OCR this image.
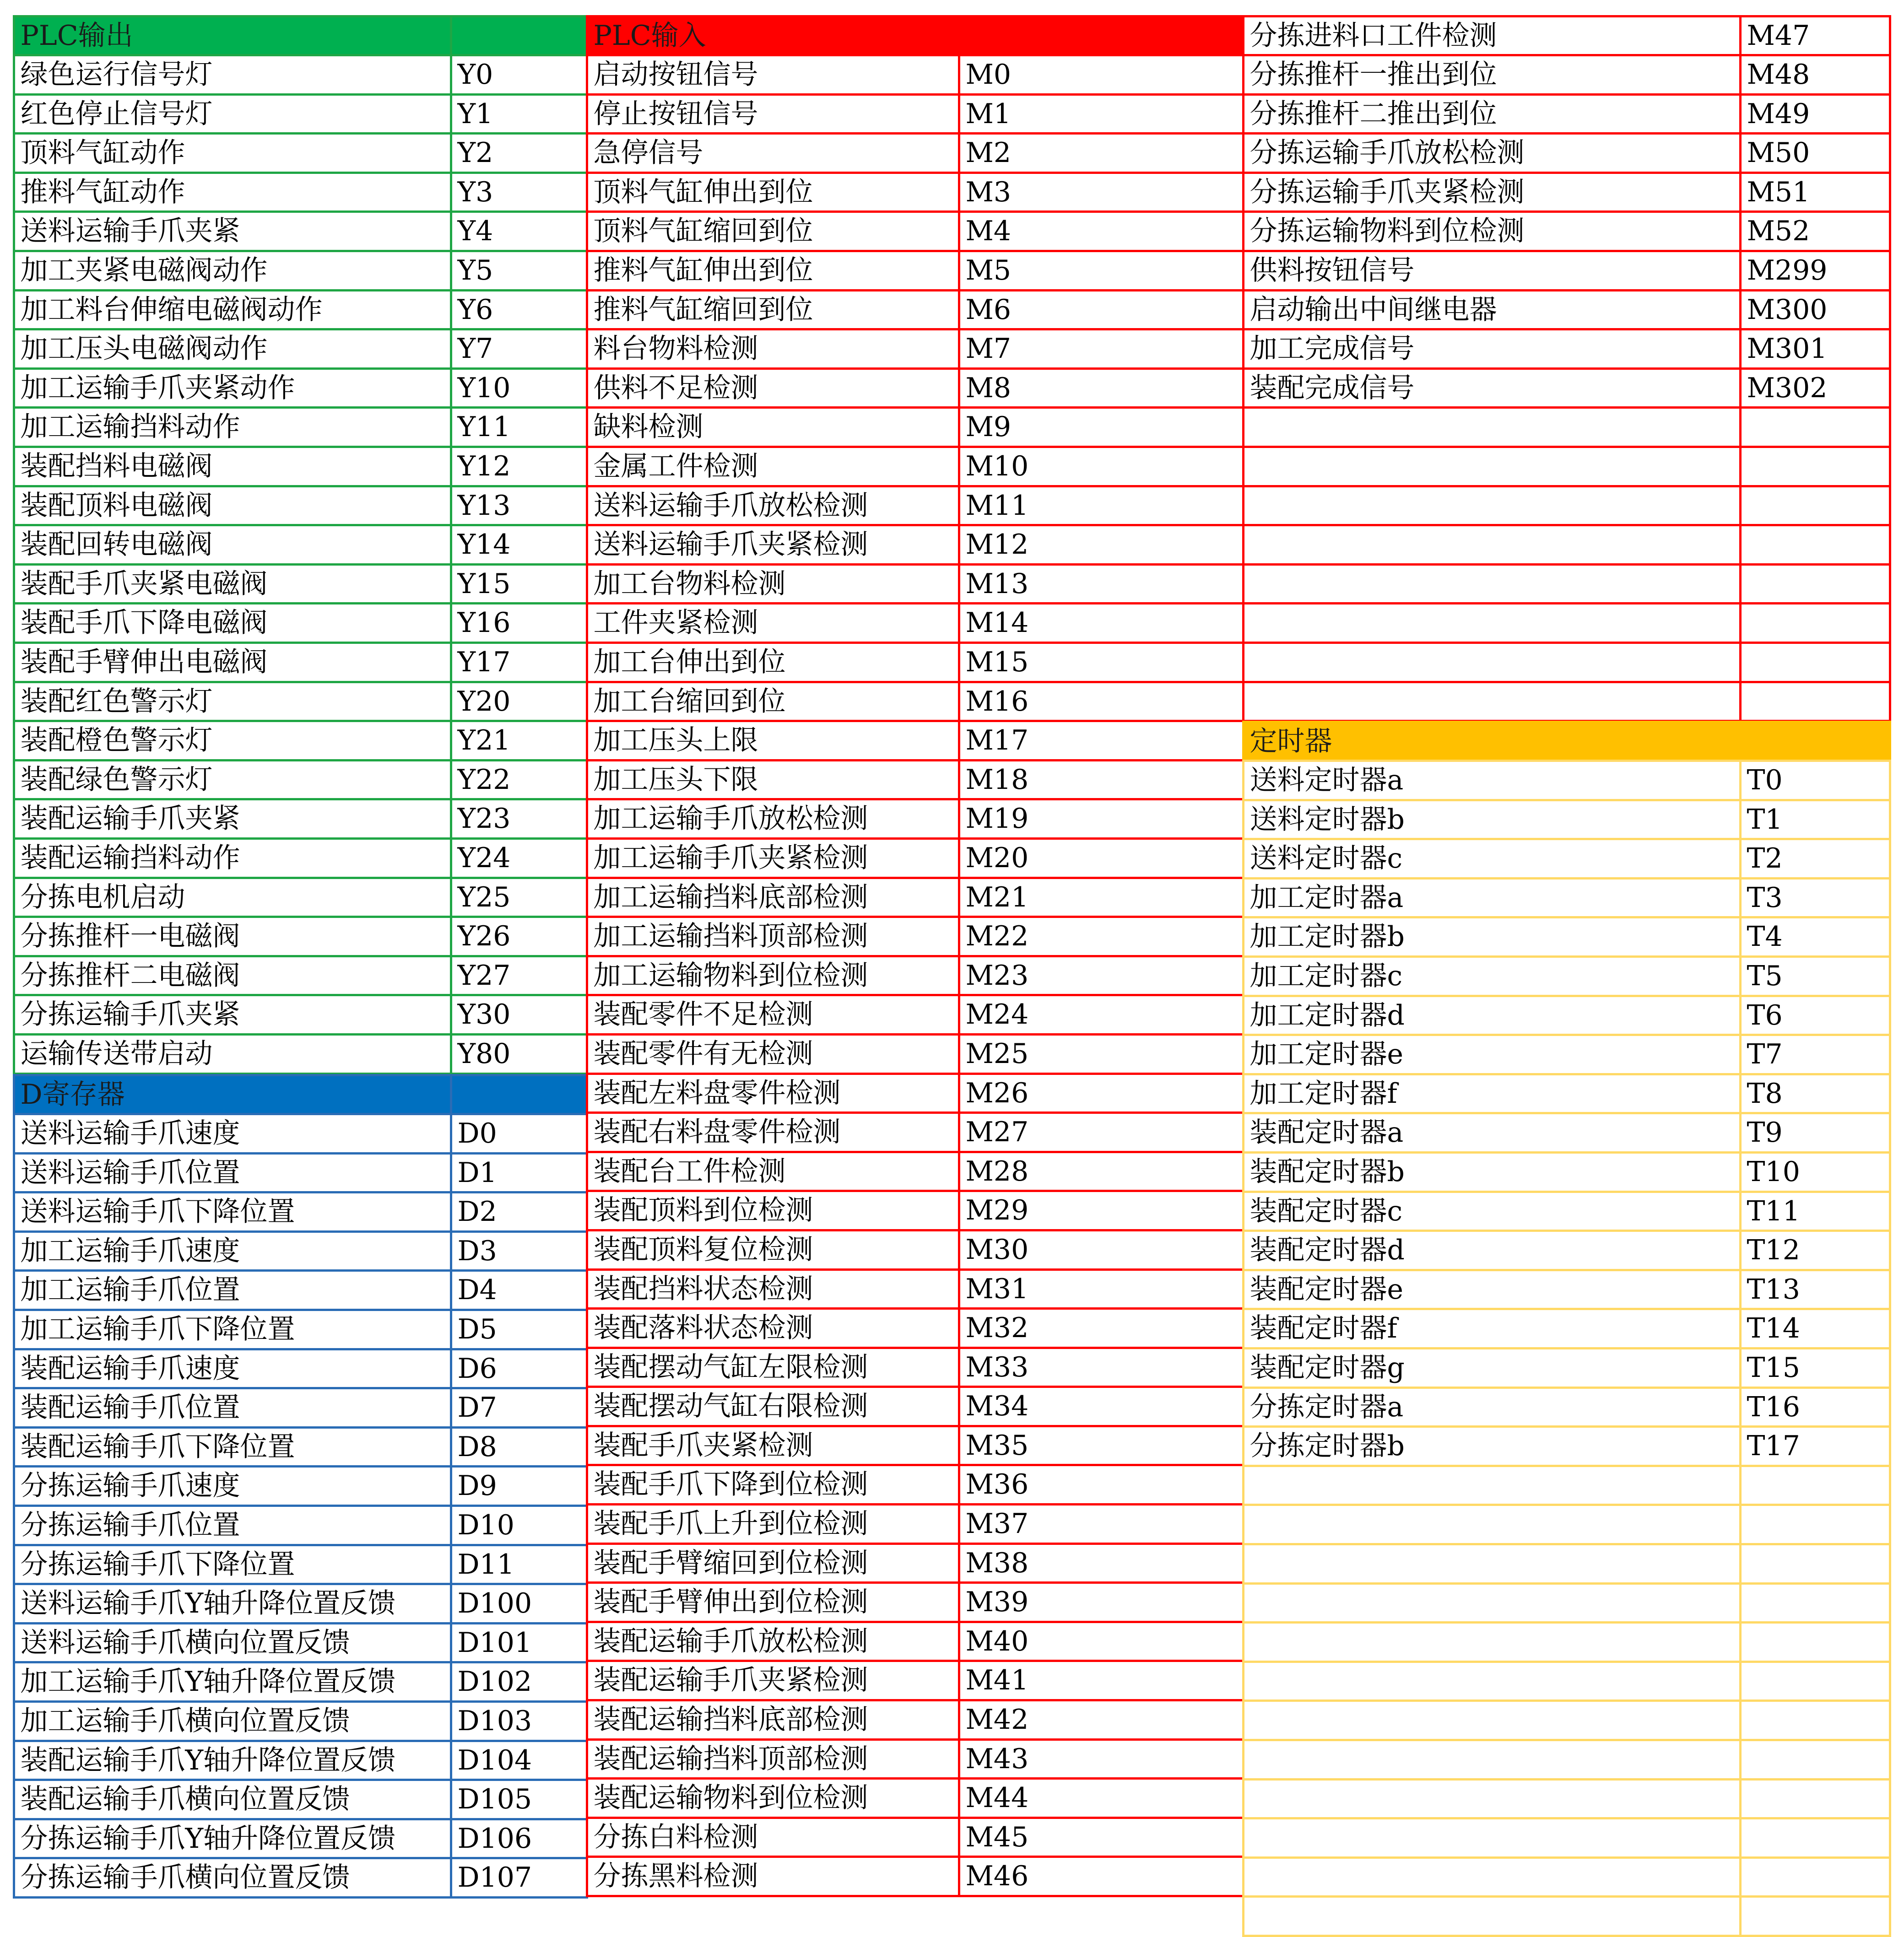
PLC输出
绿色运行信号灯	Y0
红色停止信号灯	Y1
顶料气缸动作	Y2
推料气缸动作	Y3
送料运输手爪夹紧	Y4
加工夹紧电磁阀动作	Y5
加工料台伸缩电磁阀动作	Y6
加工压头电磁阀动作	Y7
加工运输手爪夹紧动作	Y10
加工运输挡料动作	Y11
装配挡料电磁阀	Y12
装配顶料电磁阀	Y13
装配回转电磁阀	Y14
装配手爪夹紧电磁阀	Y15
装配手爪下降电磁阀	Y16
装配手臂伸出电磁阀	Y17
装配红色警示灯	Y20
装配橙色警示灯	Y21
装配绿色警示灯	Y22
装配运输手爪夹紧	Y23
装配运输挡料动作	Y24
分拣电机启动	Y25
分拣推杆一电磁阀	Y26
分拣推杆二电磁阀	Y27
分拣运输手爪夹紧	Y30
运输传送带启动	Y80
D寄存器
送料运输手爪速度	D0
送料运输手爪位置	D1
送料运输手爪下降位置	D2
加工运输手爪速度	D3
加工运输手爪位置	D4
加工运输手爪下降位置	D5
装配运输手爪速度	D6
装配运输手爪位置	D7
装配运输手爪下降位置	D8
分拣运输手爪速度	D9
分拣运输手爪位置	D10
分拣运输手爪下降位置	D11
送料运输手爪Y轴升降位置反馈	D100
送料运输手爪横向位置反馈	D101
加工运输手爪Y轴升降位置反馈	D102
加工运输手爪横向位置反馈	D103
装配运输手爪Y轴升降位置反馈	D104
装配运输手爪横向位置反馈	D105
分拣运输手爪Y轴升降位置反馈	D106
分拣运输手爪横向位置反馈	D107
PLC输入
启动按钮信号	M0
停止按钮信号	M1
急停信号	M2
顶料气缸伸出到位	M3
顶料气缸缩回到位	M4
推料气缸伸出到位	M5
推料气缸缩回到位	M6
料台物料检测	M7
供料不足检测	M8
缺料检测	M9
金属工件检测	M10
送料运输手爪放松检测	M11
送料运输手爪夹紧检测	M12
加工台物料检测	M13
工件夹紧检测	M14
加工台伸出到位	M15
加工台缩回到位	M16
加工压头上限	M17
加工压头下限	M18
加工运输手爪放松检测	M19
加工运输手爪夹紧检测	M20
加工运输挡料底部检测	M21
加工运输挡料顶部检测	M22
加工运输物料到位检测	M23
装配零件不足检测	M24
装配零件有无检测	M25
装配左料盘零件检测	M26
装配右料盘零件检测	M27
装配台工件检测	M28
装配顶料到位检测	M29
装配顶料复位检测	M30
装配挡料状态检测	M31
装配落料状态检测	M32
装配摆动气缸左限检测	M33
装配摆动气缸右限检测	M34
装配手爪夹紧检测	M35
装配手爪下降到位检测	M36
装配手爪上升到位检测	M37
装配手臂缩回到位检测	M38
装配手臂伸出到位检测	M39
装配运输手爪放松检测	M40
装配运输手爪夹紧检测	M41
装配运输挡料底部检测	M42
装配运输挡料顶部检测	M43
装配运输物料到位检测	M44
分拣白料检测	M45
分拣黑料检测	M46
分拣进料口工件检测	M47
分拣推杆一推出到位	M48
分拣推杆二推出到位	M49
分拣运输手爪放松检测	M50
分拣运输手爪夹紧检测	M51
分拣运输物料到位检测	M52
供料按钮信号	M299
启动输出中间继电器	M300
加工完成信号	M301
装配完成信号	M302
定时器
送料定时器a	T0
送料定时器b	T1
送料定时器c	T2
加工定时器a	T3
加工定时器b	T4
加工定时器c	T5
加工定时器d	T6
加工定时器e	T7
加工定时器f	T8
装配定时器a	T9
装配定时器b	T10
装配定时器c	T11
装配定时器d	T12
装配定时器e	T13
装配定时器f	T14
装配定时器g	T15
分拣定时器a	T16
分拣定时器b	T17
